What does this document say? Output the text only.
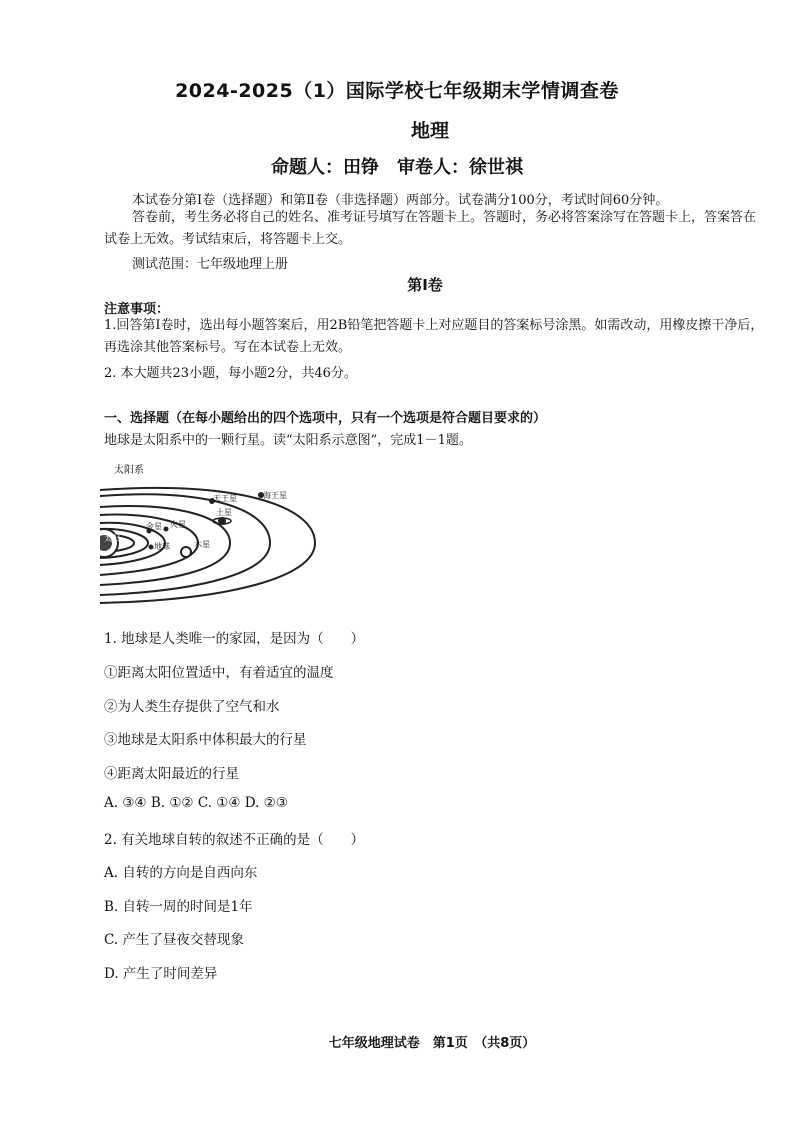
2024-2025（1）国际学校七年级期末学情调查卷
地理
命题人：田铮　审卷人：徐世祺
本试卷分第Ⅰ卷（选择题）和第Ⅱ卷（非选择题）两部分。试卷满分100分，考试时间60分钟。
答卷前，考生务必将自己的姓名、准考证号填写在答题卡上。答题时，务必将答案涂写在答题卡上，答案答在试卷上无效。考试结束后，将答题卡上交。
测试范围：七年级地理上册
第Ⅰ卷
注意事项：
1.回答第Ⅰ卷时，选出每小题答案后，用2B铅笔把答题卡上对应题目的答案标号涂黑。如需改动，用橡皮擦干净后，再选涂其他答案标号。写在本试卷上无效。
2. 本大题共23小题，每小题2分，共46分。
一、选择题（在每小题给出的四个选项中，只有一个选项是符合题目要求的）
地球是太阳系中的一颗行星。读“太阳系示意图”，完成1－1题。
太阳系
天王星	海王星
土星
火星
木星
金星
地球
太阳
1. 地球是人类唯一的家园，是因为（　　）
①距离太阳位置适中，有着适宜的温度
②为人类生存提供了空气和水
③地球是太阳系中体积最大的行星
④距离太阳最近的行星
A. ③④ B. ①② C. ①④ D. ②③
2. 有关地球自转的叙述不正确的是（　　）
A. 自转的方向是自西向东
B. 自转一周的时间是1年
C. 产生了昼夜交替现象
D. 产生了时间差异
七年级地理试卷　第1页　（共8页）
